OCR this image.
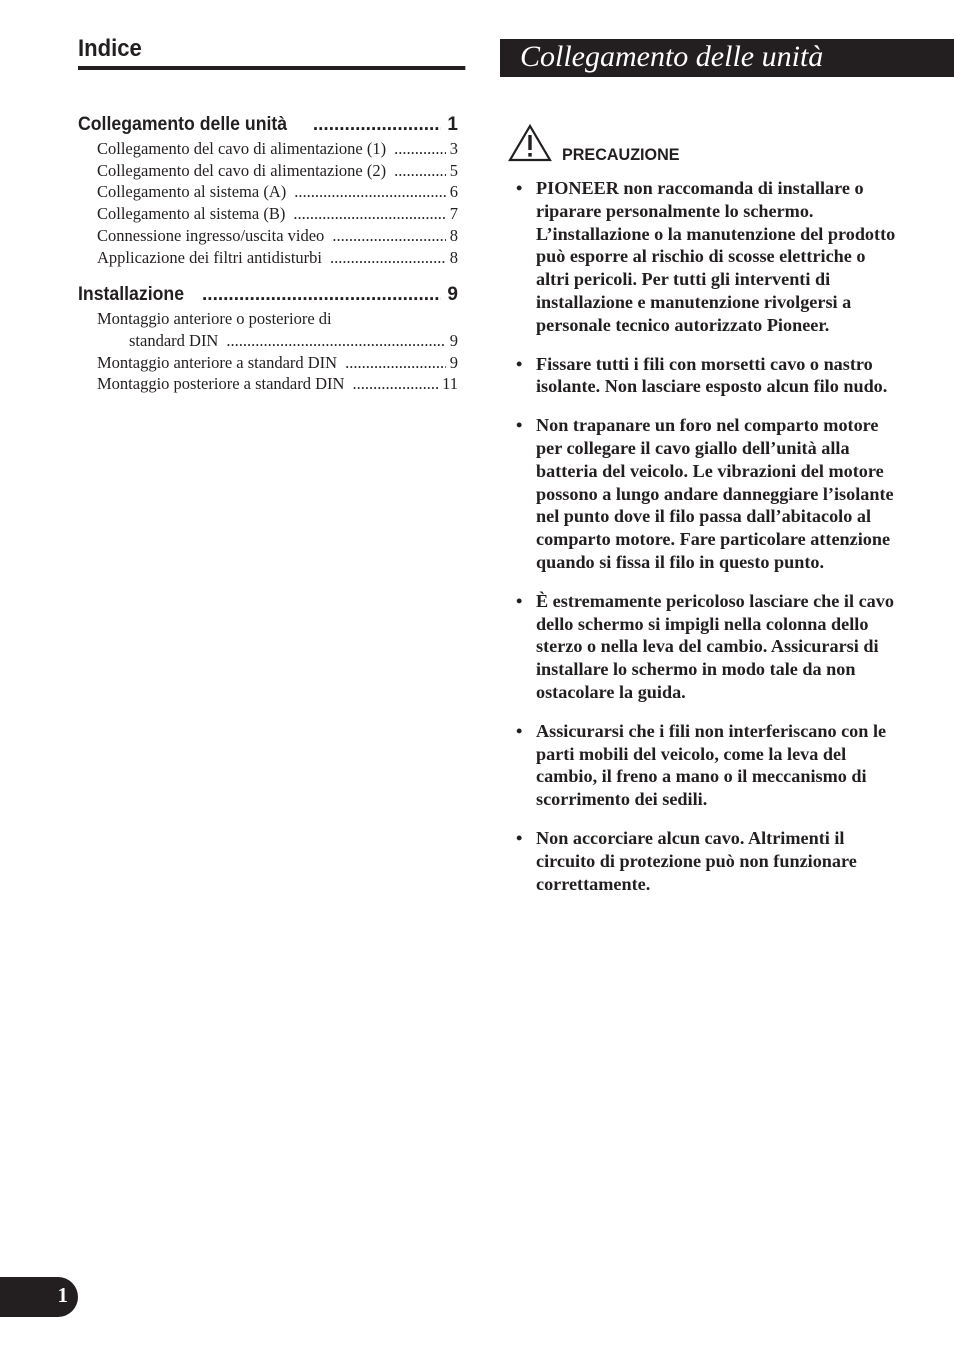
Indice
Collegamento delle unità .....	1
Collegamento del cavo di alimentazione (1) .....	3
Collegamento del cavo di alimentazione (2) .....	5
Collegamento al sistema (A) .....	6
Collegamento al sistema (B) .....	7
Connessione ingresso/uscita video .....	8
Applicazione dei filtri antidisturbi .....	8
Installazione .....	9
Montaggio anteriore o posteriore di
standard DIN .....	9
Montaggio anteriore a standard DIN .....	9
Montaggio posteriore a standard DIN .....	11
Collegamento delle unità
PRECAUZIONE
• PIONEER non raccomanda di installare o riparare personalmente lo schermo. L’installazione o la manutenzione del prodotto può esporre al rischio di scosse elettriche o altri pericoli. Per tutti gli interventi di installazione e manutenzione rivolgersi a personale tecnico autorizzato Pioneer.
• Fissare tutti i fili con morsetti cavo o nastro isolante. Non lasciare esposto alcun filo nudo.
• Non trapanare un foro nel comparto motore per collegare il cavo giallo dell’unità alla batteria del veicolo. Le vibrazioni del motore possono a lungo andare danneggiare l’isolante nel punto dove il filo passa dall’abitacolo al comparto motore. Fare particolare attenzione quando si fissa il filo in questo punto.
• È estremamente pericoloso lasciare che il cavo dello schermo si impigli nella colonna dello sterzo o nella leva del cambio. Assicurarsi di installare lo schermo in modo tale da non ostacolare la guida.
• Assicurarsi che i fili non interferiscano con le parti mobili del veicolo, come la leva del cambio, il freno a mano o il meccanismo di scorrimento dei sedili.
• Non accorciare alcun cavo. Altrimenti il circuito di protezione può non funzionare correttamente.
1
